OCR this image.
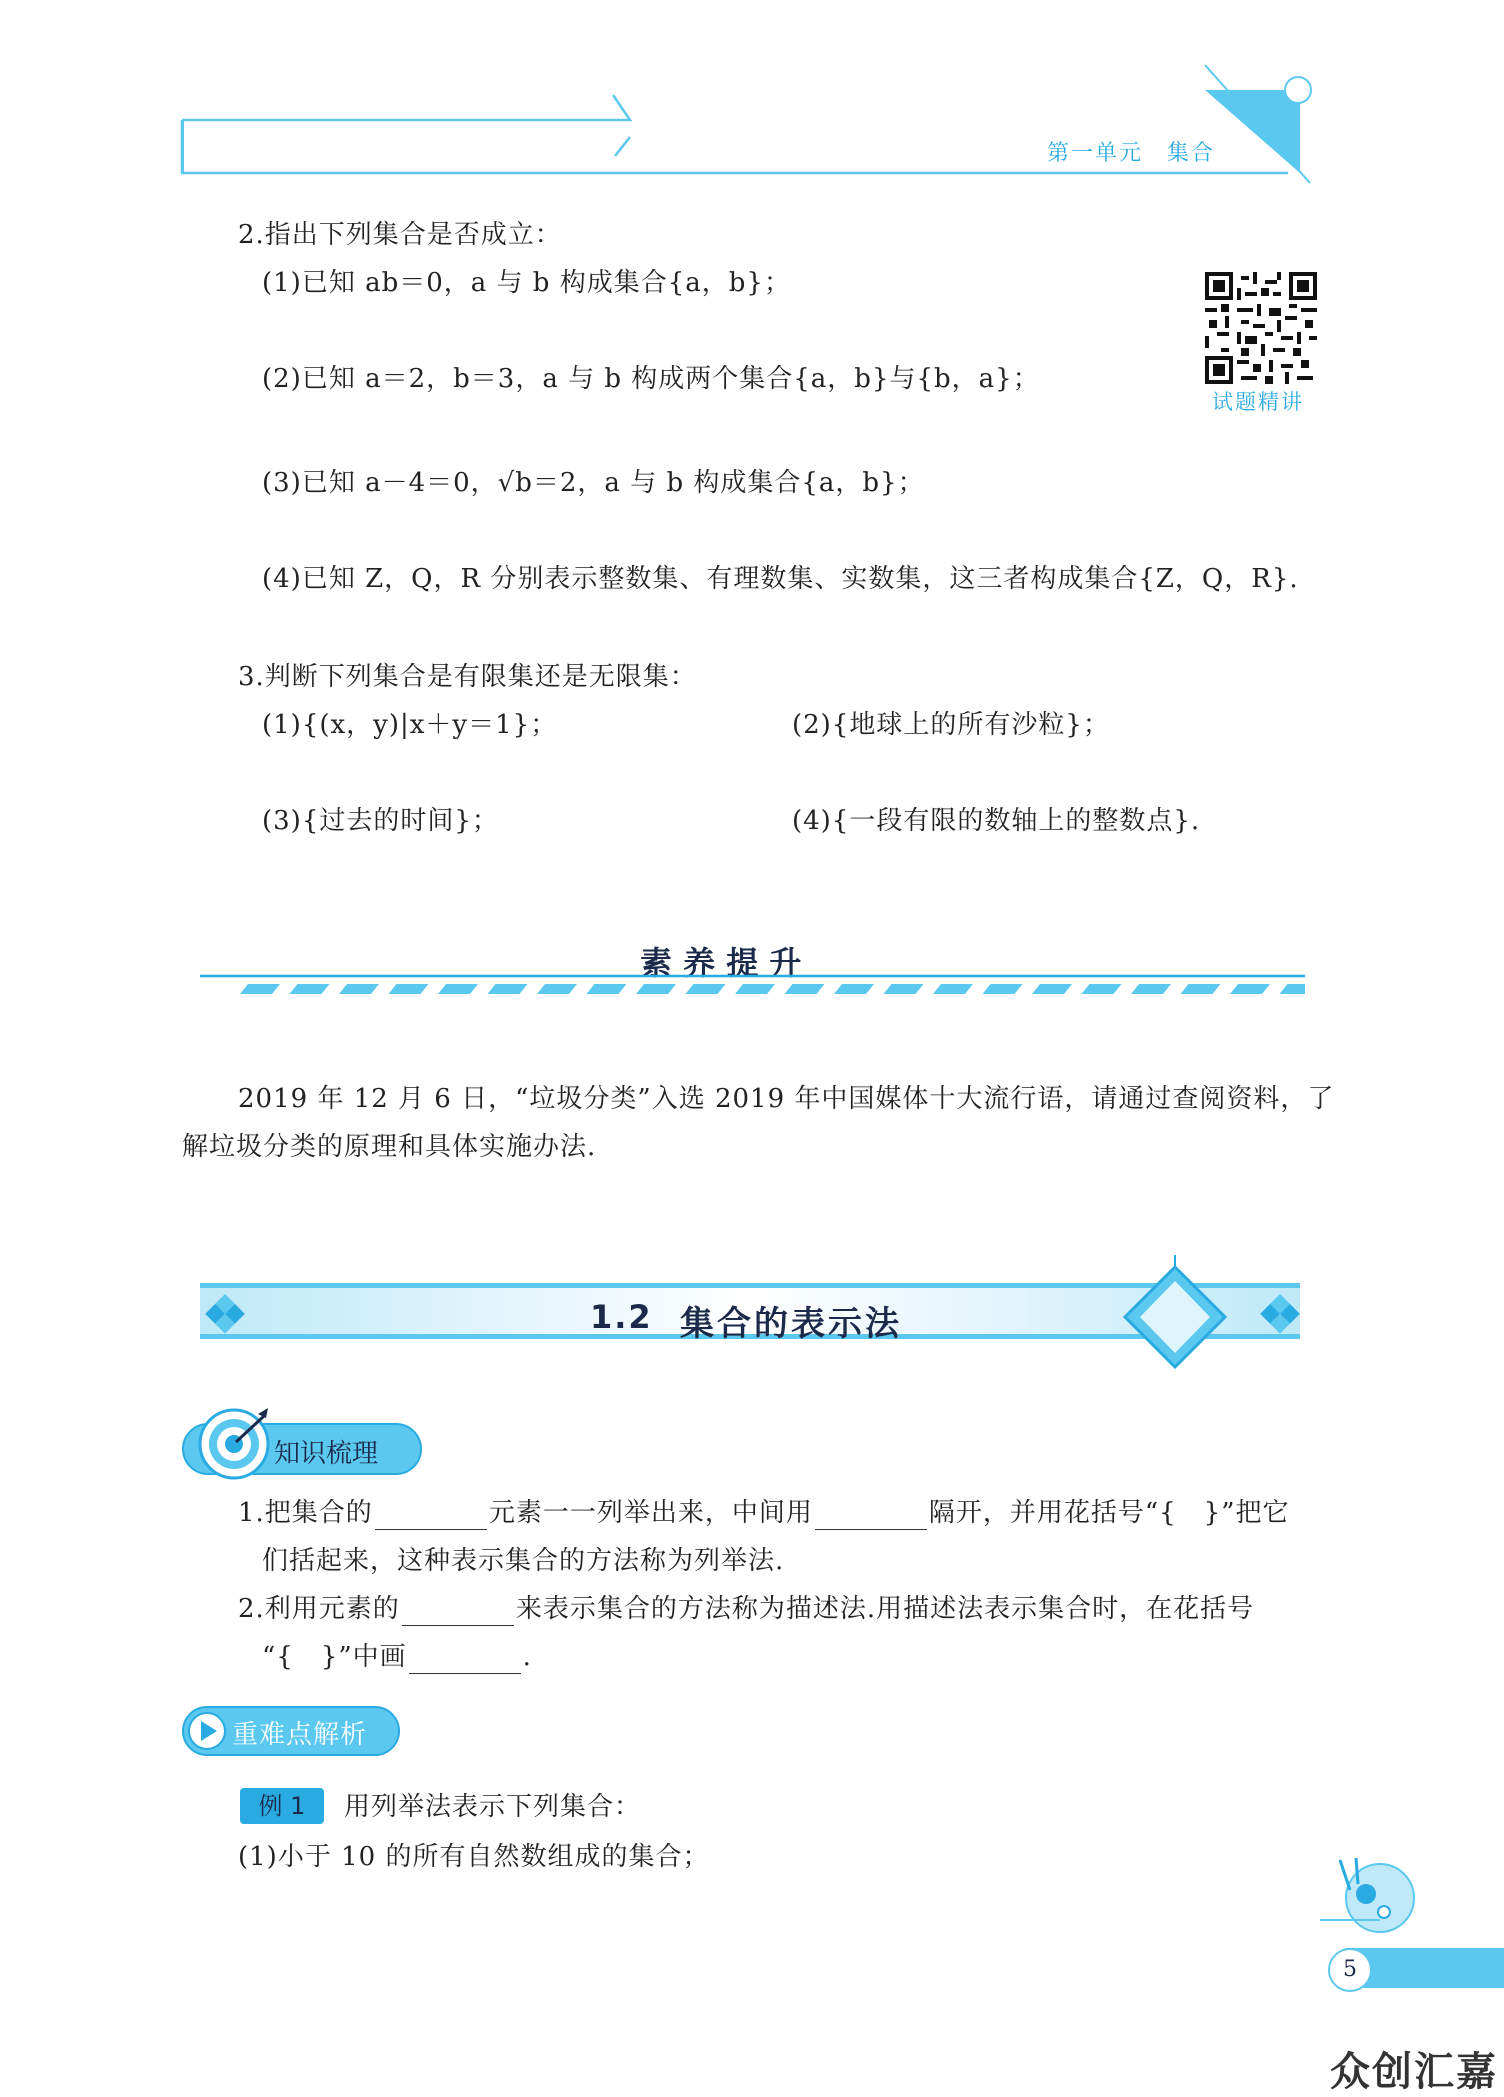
第一单元　集合
2.指出下列集合是否成立：
(1)已知 ab＝0，a 与 b 构成集合{a，b}；
(2)已知 a＝2，b＝3，a 与 b 构成两个集合{a，b}与{b，a}；
(3)已知 a－4＝0，√b＝2，a 与 b 构成集合{a，b}；
(4)已知 Z，Q，R 分别表示整数集、有理数集、实数集，这三者构成集合{Z，Q，R}.
试题精讲
3.判断下列集合是有限集还是无限集：
(1){(x，y)|x＋y＝1}；	(2){地球上的所有沙粒}；
(3){过去的时间}；	(4){一段有限的数轴上的整数点}.
素 养 提 升
2019 年 12 月 6 日，“垃圾分类”入选 2019 年中国媒体十大流行语，请通过查阅资料，了
解垃圾分类的原理和具体实施办法.
1.2 集合的表示法
知识梳理
1.把集合的	元素一一列举出来，中间用	隔开，并用花括号“{　}”把它
们括起来，这种表示集合的方法称为列举法.
2.利用元素的	来表示集合的方法称为描述法.用描述法表示集合时，在花括号
“{　}”中画	.
重难点解析
例 1	用列举法表示下列集合：
(1)小于 10 的所有自然数组成的集合；
5
众创汇嘉
